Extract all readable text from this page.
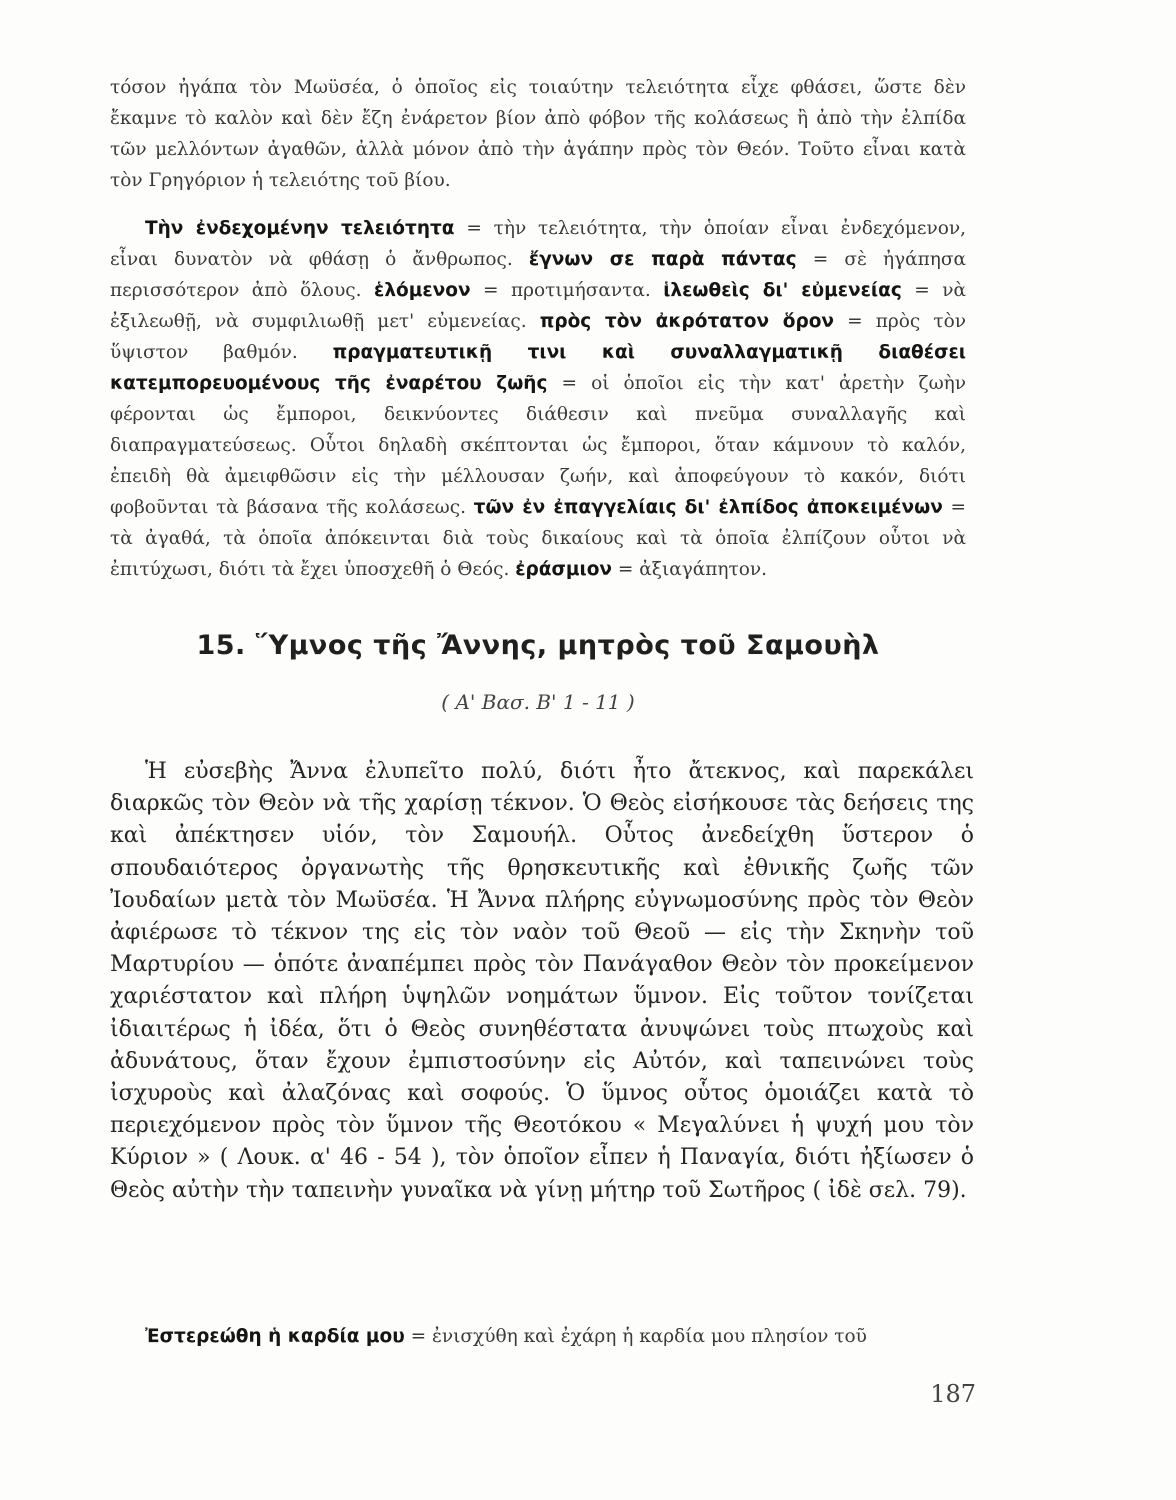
τόσον ἠγάπα τὸν Μωϋσέα, ὁ ὁποῖος εἰς τοιαύτην τελειότητα εἶχε φθάσει, ὥστε δὲν ἔκαμνε τὸ καλὸν καὶ δὲν ἔζη ἐνάρετον βίον ἀπὸ φόβον τῆς κολάσεως ἢ ἀπὸ τὴν ἐλπίδα τῶν μελλόντων ἀγαθῶν, ἀλλὰ μόνον ἀπὸ τὴν ἀγάπην πρὸς τὸν Θεόν. Τοῦτο εἶναι κατὰ τὸν Γρηγόριον ἡ τελειότης τοῦ βίου.

Τὴν ἐνδεχομένην τελειότητα = τὴν τελειότητα, τὴν ὁποίαν εἶναι ἐνδεχόμενον, εἶναι δυνατὸν νὰ φθάσῃ ὁ ἄνθρωπος. ἔγνων σε παρὰ πάντας = σὲ ἠγάπησα περισσότερον ἀπὸ ὅλους. ἑλόμενον = προτιμήσαντα. ἱλεωθεὶς δι' εὐμενείας = νὰ ἐξιλεωθῇ, νὰ συμφιλιωθῇ μετ' εὐμενείας. πρὸς τὸν ἀκρότατον ὅρον = πρὸς τὸν ὕψιστον βαθμόν. πραγματευτικῇ τινι καὶ συναλλαγματικῇ διαθέσει κατεμπορευομένους τῆς ἐναρέτου ζωῆς = οἱ ὁποῖοι εἰς τὴν κατ' ἀρετὴν ζωὴν φέρονται ὡς ἔμποροι, δεικνύοντες διάθεσιν καὶ πνεῦμα συναλλαγῆς καὶ διαπραγματεύσεως. Οὗτοι δηλαδὴ σκέπτονται ὡς ἔμποροι, ὅταν κάμνουν τὸ καλόν, ἐπειδὴ θὰ ἀμειφθῶσιν εἰς τὴν μέλλουσαν ζωήν, καὶ ἀποφεύγουν τὸ κακόν, διότι φοβοῦνται τὰ βάσανα τῆς κολάσεως. τῶν ἐν ἐπαγγελίαις δι' ἐλπίδος ἀποκειμένων = τὰ ἀγαθά, τὰ ὁποῖα ἀπόκεινται διὰ τοὺς δικαίους καὶ τὰ ὁποῖα ἐλπίζουν οὗτοι νὰ ἐπιτύχωσι, διότι τὰ ἔχει ὑποσχεθῆ ὁ Θεός. ἐράσμιον = ἀξιαγάπητον.

15. Ὕμνος τῆς Ἄννης, μητρὸς τοῦ Σαμουὴλ
( Α' Βασ. Β' 1 - 11 )

Ἡ εὐσεβὴς Ἄννα ἐλυπεῖτο πολύ, διότι ἦτο ἄτεκνος, καὶ παρεκάλει διαρκῶς τὸν Θεὸν νὰ τῆς χαρίσῃ τέκνον. Ὁ Θεὸς εἰσήκουσε τὰς δεήσεις της καὶ ἀπέκτησεν υἱόν, τὸν Σαμουήλ. Οὗτος ἀνεδείχθη ὕστερον ὁ σπουδαιότερος ὀργανωτὴς τῆς θρησκευτικῆς καὶ ἐθνικῆς ζωῆς τῶν Ἰουδαίων μετὰ τὸν Μωϋσέα. Ἡ Ἄννα πλήρης εὐγνωμοσύνης πρὸς τὸν Θεὸν ἀφιέρωσε τὸ τέκνον της εἰς τὸν ναὸν τοῦ Θεοῦ — εἰς τὴν Σκηνὴν τοῦ Μαρτυρίου — ὁπότε ἀναπέμπει πρὸς τὸν Πανάγαθον Θεὸν τὸν προκείμενον χαριέστατον καὶ πλήρη ὑψηλῶν νοημάτων ὕμνον. Εἰς τοῦτον τονίζεται ἰδιαιτέρως ἡ ἰδέα, ὅτι ὁ Θεὸς συνηθέστατα ἀνυψώνει τοὺς πτωχοὺς καὶ ἀδυνάτους, ὅταν ἔχουν ἐμπιστοσύνην εἰς Αὐτόν, καὶ ταπεινώνει τοὺς ἰσχυροὺς καὶ ἀλαζόνας καὶ σοφούς. Ὁ ὕμνος οὗτος ὁμοιάζει κατὰ τὸ περιεχόμενον πρὸς τὸν ὕμνον τῆς Θεοτόκου « Μεγαλύνει ἡ ψυχή μου τὸν Κύριον » ( Λουκ. α' 46 - 54 ), τὸν ὁποῖον εἶπεν ἡ Παναγία, διότι ἠξίωσεν ὁ Θεὸς αὐτὴν τὴν ταπεινὴν γυναῖκα νὰ γίνῃ μήτηρ τοῦ Σωτῆρος ( ἰδὲ σελ. 79).

Ἐστερεώθη ἡ καρδία μου = ἐνισχύθη καὶ ἐχάρη ἡ καρδία μου πλησίον τοῦ

187
